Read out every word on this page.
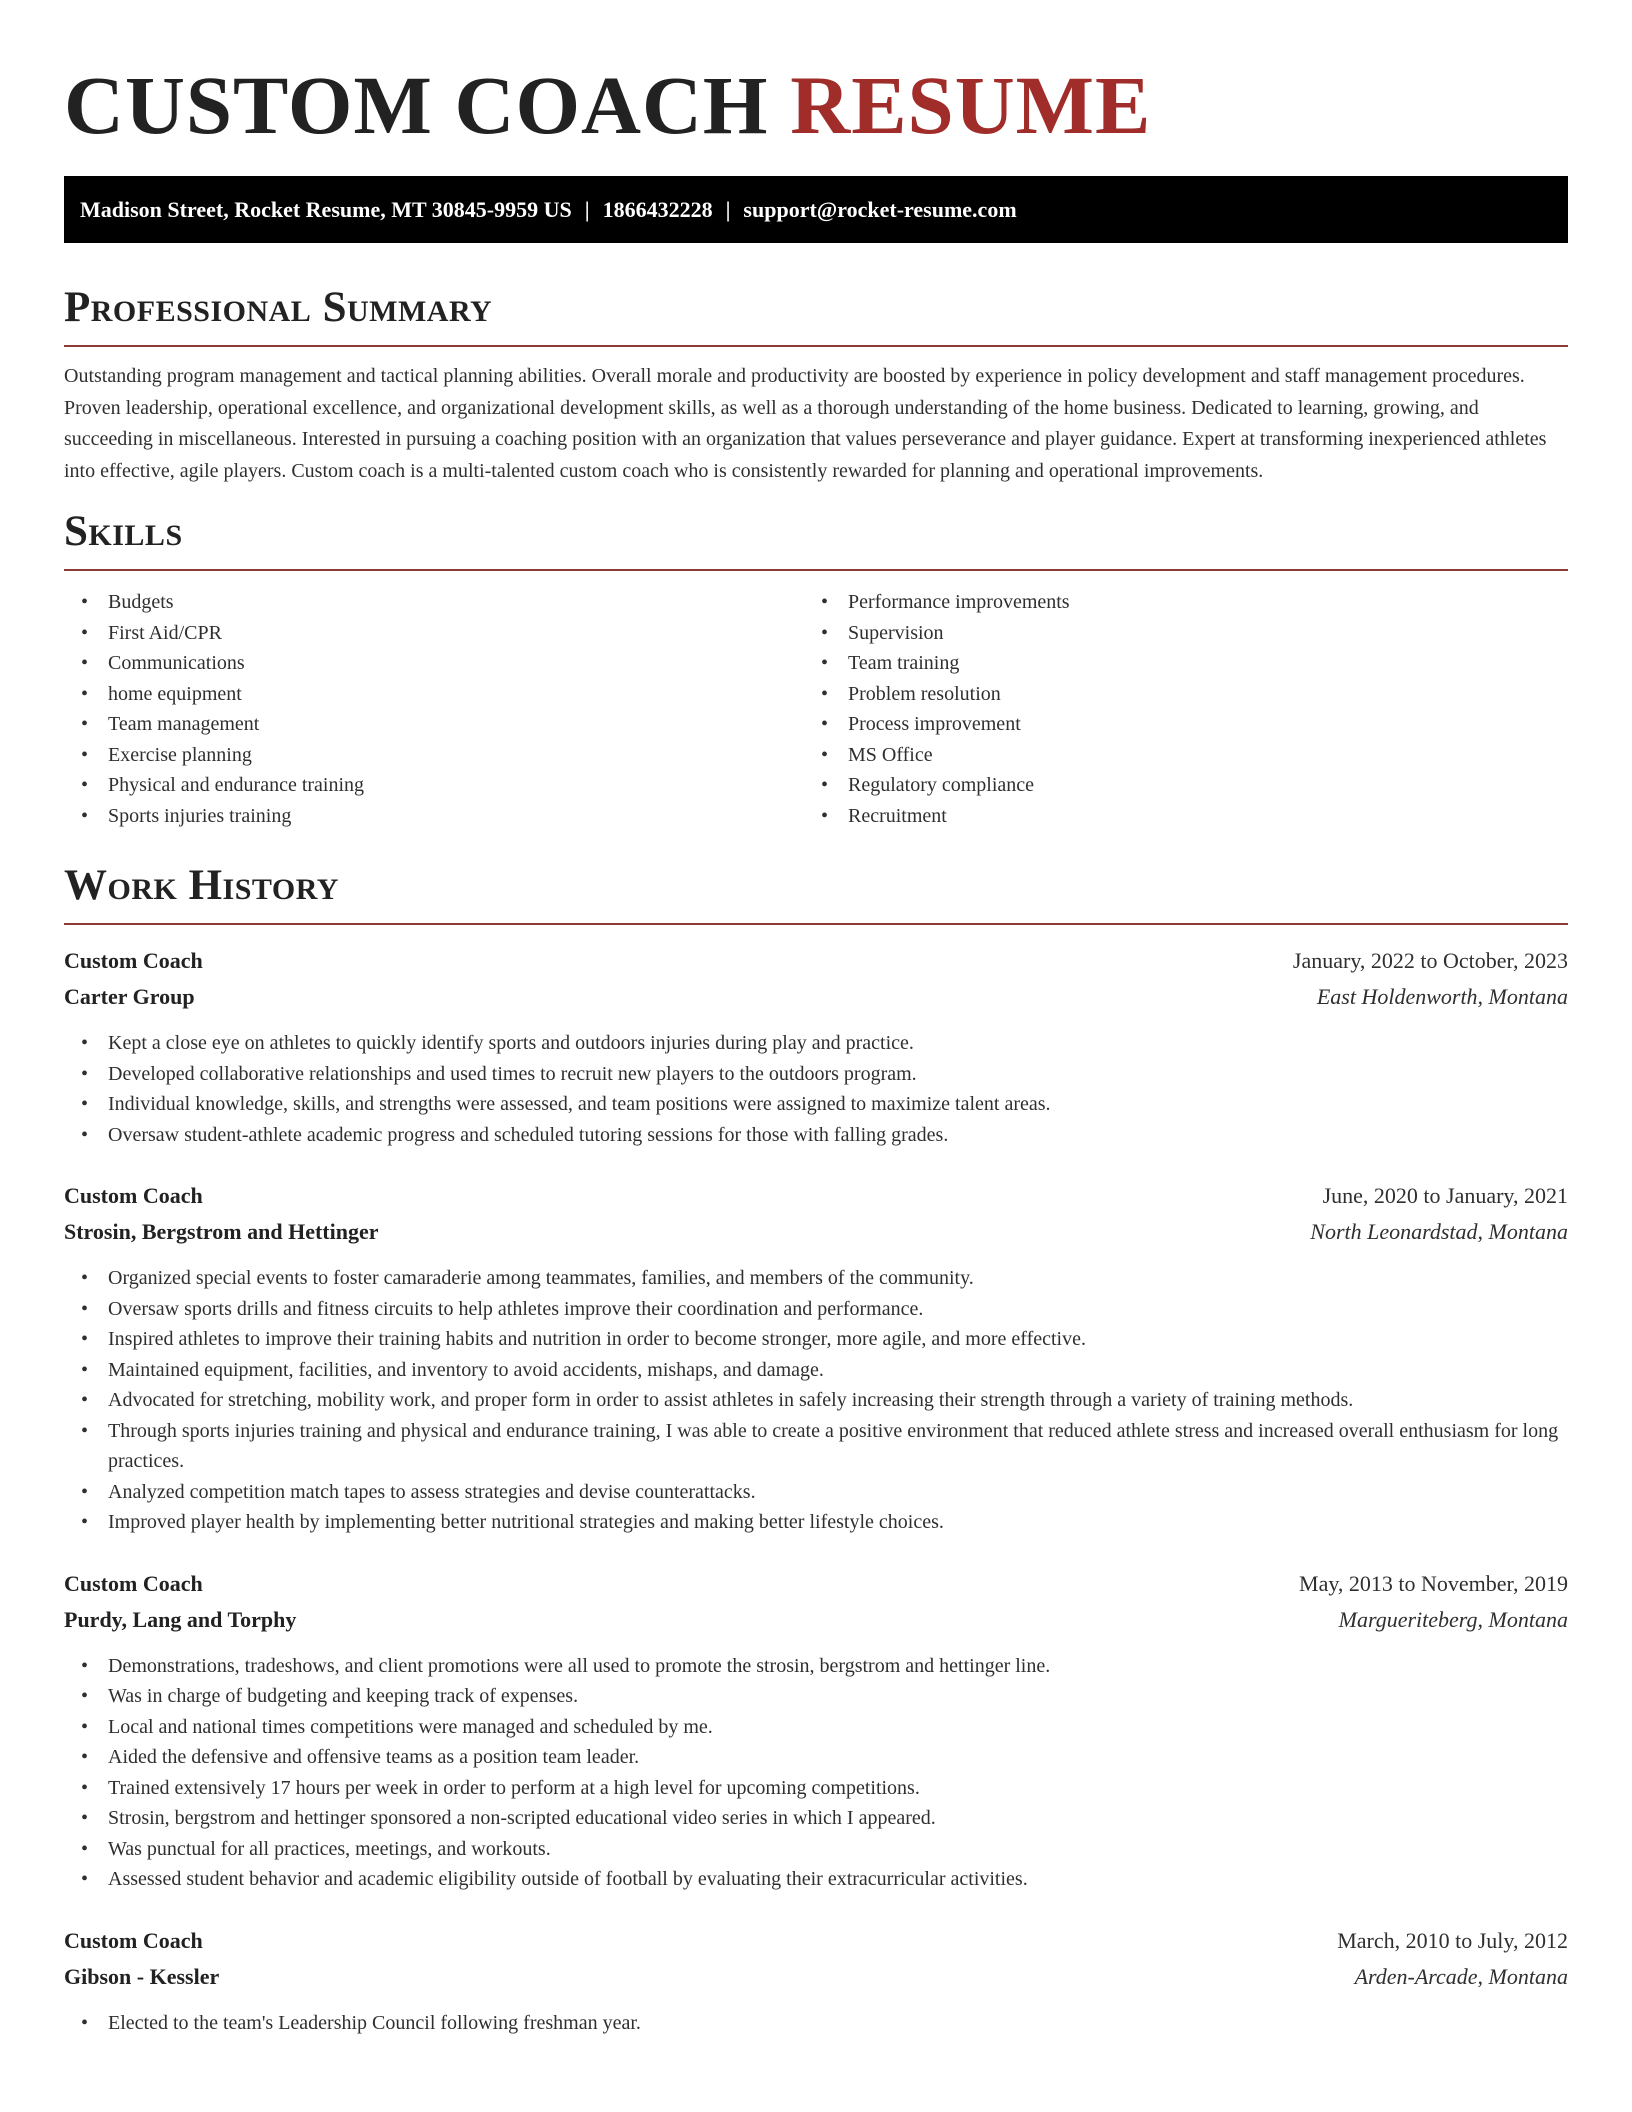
CUSTOM COACH RESUME
Madison Street, Rocket Resume, MT 30845-9959 US | 1866432228 | support@rocket-resume.com
Professional Summary

Outstanding program management and tactical planning abilities. Overall morale and productivity are boosted by experience in policy development and staff management procedures. Proven leadership, operational excellence, and organizational development skills, as well as a thorough understanding of the home business. Dedicated to learning, growing, and succeeding in miscellaneous. Interested in pursuing a coaching position with an organization that values perseverance and player guidance. Expert at transforming inexperienced athletes into effective, agile players. Custom coach is a multi-talented custom coach who is consistently rewarded for planning and operational improvements.

Skills
• Budgets
• First Aid/CPR
• Communications
• home equipment
• Team management
• Exercise planning
• Physical and endurance training
• Sports injuries training
• Performance improvements
• Supervision
• Team training
• Problem resolution
• Process improvement
• MS Office
• Regulatory compliance
• Recruitment
Work History
Custom Coach	January, 2022 to October, 2023
Carter Group	East Holdenworth, Montana
• Kept a close eye on athletes to quickly identify sports and outdoors injuries during play and practice.
• Developed collaborative relationships and used times to recruit new players to the outdoors program.
• Individual knowledge, skills, and strengths were assessed, and team positions were assigned to maximize talent areas.
• Oversaw student-athlete academic progress and scheduled tutoring sessions for those with falling grades.
Custom Coach	June, 2020 to January, 2021
Strosin, Bergstrom and Hettinger	North Leonardstad, Montana
• Organized special events to foster camaraderie among teammates, families, and members of the community.
• Oversaw sports drills and fitness circuits to help athletes improve their coordination and performance.
• Inspired athletes to improve their training habits and nutrition in order to become stronger, more agile, and more effective.
• Maintained equipment, facilities, and inventory to avoid accidents, mishaps, and damage.
• Advocated for stretching, mobility work, and proper form in order to assist athletes in safely increasing their strength through a variety of training methods.
• Through sports injuries training and physical and endurance training, I was able to create a positive environment that reduced athlete stress and increased overall enthusiasm for long practices.
• Analyzed competition match tapes to assess strategies and devise counterattacks.
• Improved player health by implementing better nutritional strategies and making better lifestyle choices.
Custom Coach	May, 2013 to November, 2019
Purdy, Lang and Torphy	Margueriteberg, Montana
• Demonstrations, tradeshows, and client promotions were all used to promote the strosin, bergstrom and hettinger line.
• Was in charge of budgeting and keeping track of expenses.
• Local and national times competitions were managed and scheduled by me.
• Aided the defensive and offensive teams as a position team leader.
• Trained extensively 17 hours per week in order to perform at a high level for upcoming competitions.
• Strosin, bergstrom and hettinger sponsored a non-scripted educational video series in which I appeared.
• Was punctual for all practices, meetings, and workouts.
• Assessed student behavior and academic eligibility outside of football by evaluating their extracurricular activities.
Custom Coach	March, 2010 to July, 2012
Gibson - Kessler	Arden-Arcade, Montana
• Elected to the team's Leadership Council following freshman year.
